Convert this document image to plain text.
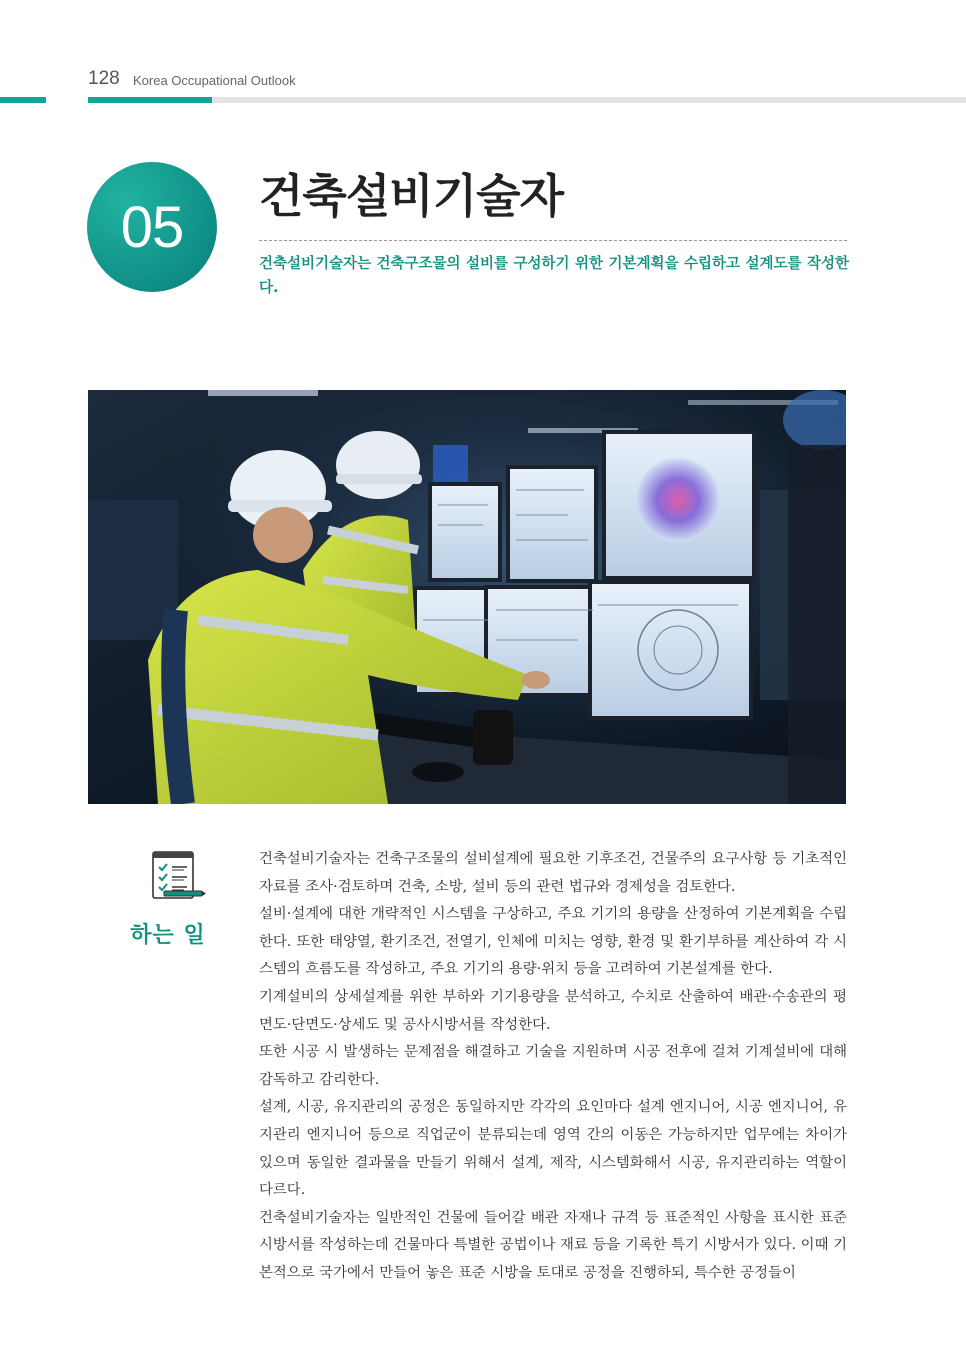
128 Korea Occupational Outlook
05 건축설비기술자
건축설비기술자는 건축구조물의 설비를 구성하기 위한 기본계획을 수립하고 설계도를 작성한다.
하는 일

건축설비기술자는 건축구조물의 설비설계에 필요한 기후조건, 건물주의 요구사항 등 기초적인 자료를 조사·검토하며 건축, 소방, 설비 등의 관련 법규와 경제성을 검토한다.

설비·설계에 대한 개략적인 시스템을 구상하고, 주요 기기의 용량을 산정하여 기본계획을 수립한다. 또한 태양열, 환기조건, 전열기, 인체에 미치는 영향, 환경 및 환기부하를 계산하여 각 시스템의 흐름도를 작성하고, 주요 기기의 용량·위치 등을 고려하여 기본설계를 한다.

기계설비의 상세설계를 위한 부하와 기기용량을 분석하고, 수치로 산출하여 배관·수송관의 평면도·단면도·상세도 및 공사시방서를 작성한다.

또한 시공 시 발생하는 문제점을 해결하고 기술을 지원하며 시공 전후에 걸쳐 기계설비에 대해 감독하고 감리한다.

설계, 시공, 유지관리의 공정은 동일하지만 각각의 요인마다 설계 엔지니어, 시공 엔지니어, 유지관리 엔지니어 등으로 직업군이 분류되는데 영역 간의 이동은 가능하지만 업무에는 차이가 있으며 동일한 결과물을 만들기 위해서 설계, 제작, 시스템화해서 시공, 유지관리하는 역할이 다르다.

건축설비기술자는 일반적인 건물에 들어갈 배관 자재나 규격 등 표준적인 사항을 표시한 표준 시방서를 작성하는데 건물마다 특별한 공법이나 재료 등을 기록한 특기 시방서가 있다. 이때 기본적으로 국가에서 만들어 놓은 표준 시방을 토대로 공정을 진행하되, 특수한 공정들이
